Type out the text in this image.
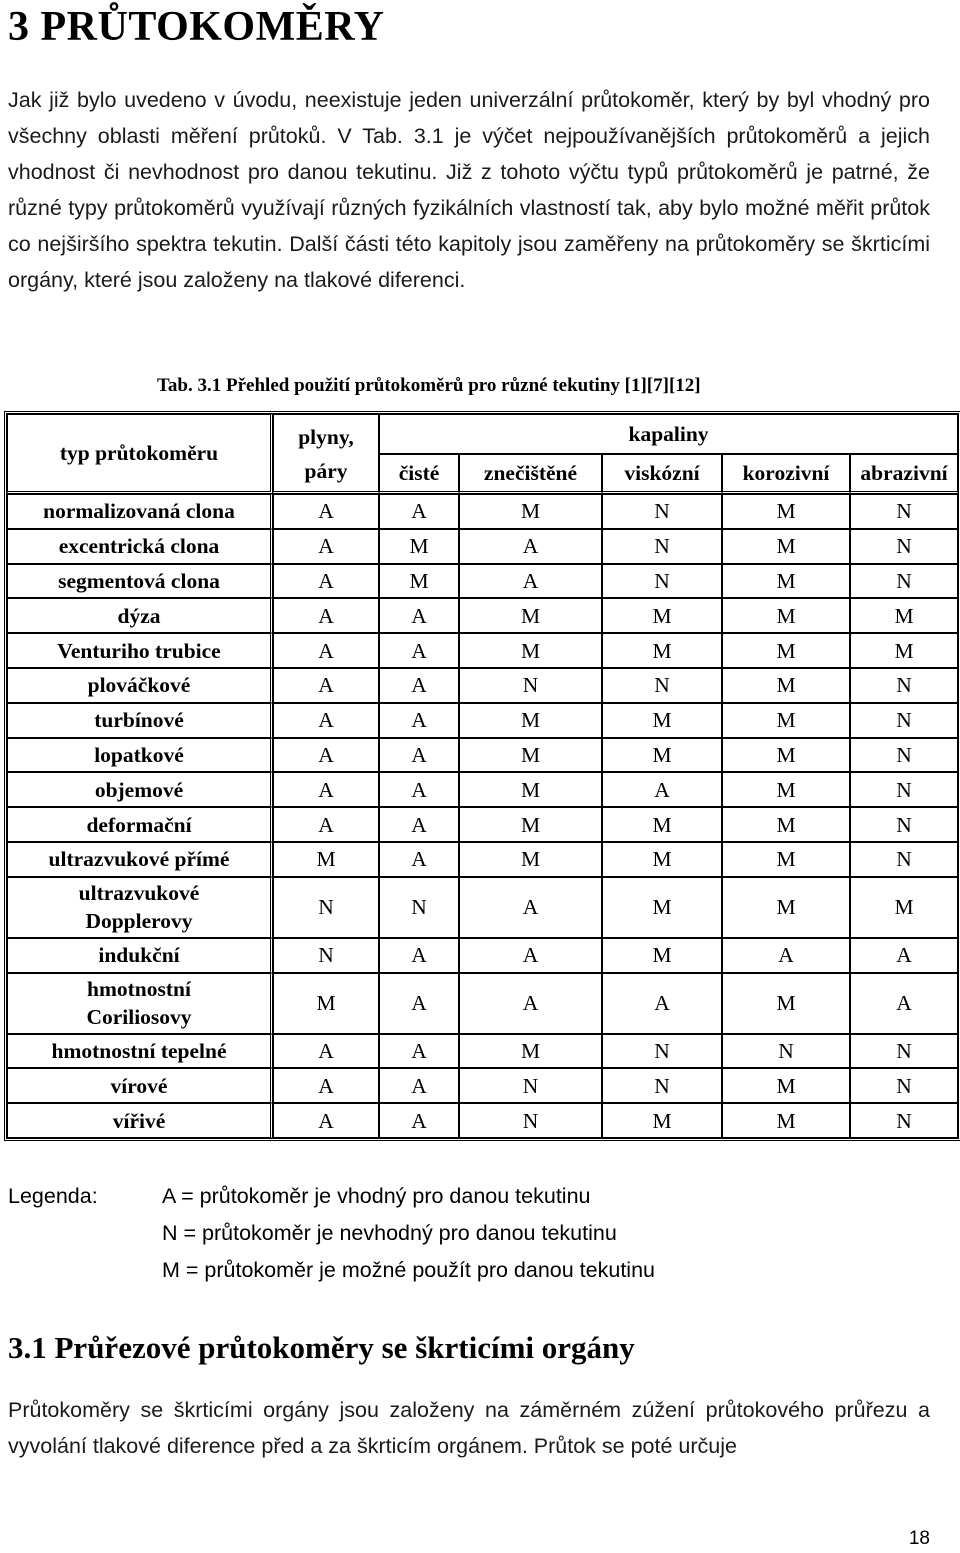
3 PRŮTOKOMĚRY

Jak již bylo uvedeno v úvodu, neexistuje jeden univerzální průtokoměr, který by byl vhodný pro všechny oblasti měření průtoků. V Tab. 3.1 je výčet nejpoužívanějších průtokoměrů a jejich vhodnost či nevhodnost pro danou tekutinu. Již z tohoto výčtu typů průtokoměrů je patrné, že různé typy průtokoměrů využívají různých fyzikálních vlastností tak, aby bylo možné měřit průtok co nejširšího spektra tekutin. Další části této kapitoly jsou zaměřeny na průtokoměry se škrticími orgány, které jsou založeny na tlakové diferenci.

Tab. 3.1 Přehled použití průtokoměrů pro různé tekutiny [1][7][12]

typ průtokoměru	plyny, páry	kapaliny				
		čisté	znečištěné	viskózní	korozivní	abrazivní
normalizovaná clona	A	A	M	N	M	N
excentrická clona	A	M	A	N	M	N
segmentová clona	A	M	A	N	M	N
dýza	A	A	M	M	M	M
Venturiho trubice	A	A	M	M	M	M
plováčkové	A	A	N	N	M	N
turbínové	A	A	M	M	M	N
lopatkové	A	A	M	M	M	N
objemové	A	A	M	A	M	N
deformační	A	A	M	M	M	N
ultrazvukové přímé	M	A	M	M	M	N

ultrazvukové
Dopplerovy	N	N	A	M	M	M
indukční	N	A	A	M	A	A

hmotnostní
Coriliosovy	M	A	A	A	M	A
hmotnostní tepelné	A	A	M	N	N	N
vírové	A	A	N	N	M	N
vířivé	A	A	N	M	M	N
Legenda:	A = průtokoměr je vhodný pro danou tekutinu
N = průtokoměr je nevhodný pro danou tekutinu
M = průtokoměr je možné použít pro danou tekutinu
3.1 Průřezové průtokoměry se škrticími orgány

Průtokoměry se škrticími orgány jsou založeny na záměrném zúžení průtokového průřezu a vyvolání tlakové diference před a za škrticím orgánem. Průtok se poté určuje

18
